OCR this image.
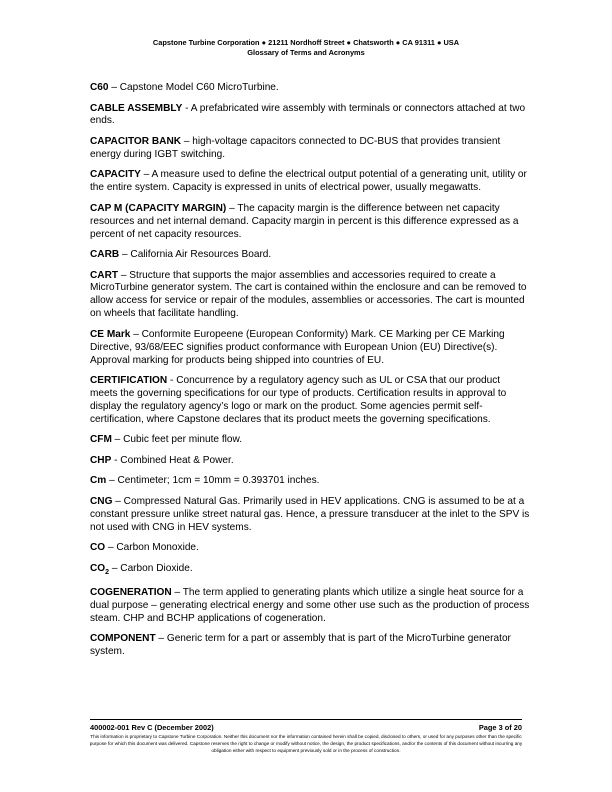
Capstone Turbine Corporation ● 21211 Nordhoff Street ● Chatsworth ● CA 91311 ● USA
Glossary of Terms and Acronyms

C60 – Capstone Model C60 MicroTurbine.

CABLE ASSEMBLY - A prefabricated wire assembly with terminals or connectors attached at two ends.

CAPACITOR BANK – high-voltage capacitors connected to DC-BUS that provides transient energy during IGBT switching.

CAPACITY – A measure used to define the electrical output potential of a generating unit, utility or the entire system. Capacity is expressed in units of electrical power, usually megawatts.

CAP M (CAPACITY MARGIN) – The capacity margin is the difference between net capacity resources and net internal demand. Capacity margin in percent is this difference expressed as a percent of net capacity resources.

CARB – California Air Resources Board.

CART – Structure that supports the major assemblies and accessories required to create a MicroTurbine generator system. The cart is contained within the enclosure and can be removed to allow access for service or repair of the modules, assemblies or accessories. The cart is mounted on wheels that facilitate handling.

CE Mark – Conformite Europeene (European Conformity) Mark. CE Marking per CE Marking Directive, 93/68/EEC signifies product conformance with European Union (EU) Directive(s). Approval marking for products being shipped into countries of EU.

CERTIFICATION - Concurrence by a regulatory agency such as UL or CSA that our product meets the governing specifications for our type of products. Certification results in approval to display the regulatory agency’s logo or mark on the product. Some agencies permit self-certification, where Capstone declares that its product meets the governing specifications.

CFM – Cubic feet per minute flow.

CHP - Combined Heat & Power.

Cm – Centimeter; 1cm = 10mm = 0.393701 inches.

CNG – Compressed Natural Gas. Primarily used in HEV applications. CNG is assumed to be at a constant pressure unlike street natural gas. Hence, a pressure transducer at the inlet to the SPV is not used with CNG in HEV systems.

CO – Carbon Monoxide.

$CO_2$ – Carbon Dioxide.

COGENERATION – The term applied to generating plants which utilize a single heat source for a dual purpose – generating electrical energy and some other use such as the production of process steam. CHP and BCHP applications of cogeneration.

COMPONENT – Generic term for a part or assembly that is part of the MicroTurbine generator system.

400002-001 Rev C (December 2002)	Page 3 of 20
This information is proprietary to Capstone Turbine Corporation. Neither this document nor the information contained herein shall be copied, disclosed to others, or used for any purposes other than the specific purpose for which this document was delivered. Capstone reserves the right to change or modify without notice, the design, the product specifications, and/or the contents of this document without incurring any obligation either with respect to equipment previously sold or in the process of construction.
